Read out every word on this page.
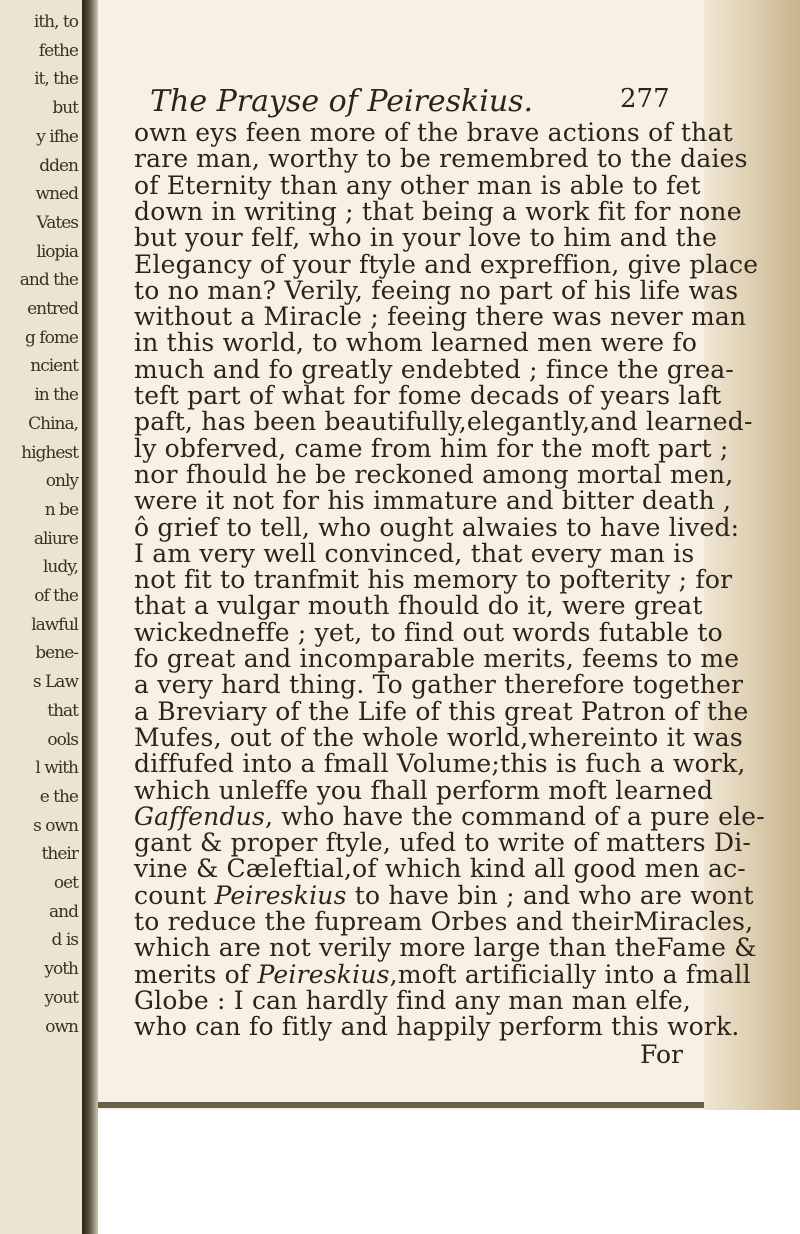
ith, to
fethe
it, the
but
y ifhe
dden
wned
Vates
liopia
and the
entred
g fome
ncient
in the
China,
highest
only
n be
aliure
ludy,
of the
lawful
bene-
s Law
that
ools
l with
e the
s own
their
oet
and
d is
yoth
yout
own
The Prayse of Peireskius.	277
own eys feen more of the brave actions of that
rare man, worthy to be remembred to the daies
of Eternity than any other man is able to fet
down in writing ; that being a work fit for none
but your felf, who in your love to him and the
Elegancy of your ftyle and expreffion, give place
to no man? Verily, feeing no part of his life was
without a Miracle ; feeing there was never man
in this world, to whom learned men were fo
much and fo greatly endebted ; fince the grea-
teft part of what for fome decads of years laft
paft, has been beautifully,elegantly,and learned-
ly obferved, came from him for the moft part ;
nor fhould he be reckoned among mortal men,
were it not for his immature and bitter death ,
ô grief to tell, who ought alwaies to have lived:
I am very well convinced, that every man is
not fit to tranfmit his memory to pofterity ; for
that a vulgar mouth fhould do it, were great
wickedneffe ; yet, to find out words futable to
fo great and incomparable merits, feems to me
a very hard thing. To gather therefore together
a Breviary of the Life of this great Patron of the
Mufes, out of the whole world,whereinto it was
diffufed into a fmall Volume;this is fuch a work,
which unleffe you fhall perform moft learned
Gaffendus, who have the command of a pure ele-
gant & proper ftyle, ufed to write of matters Di-
vine & Cæleftial,of which kind all good men ac-
count Peireskius to have bin ; and who are wont
to reduce the fupream Orbes and theirMiracles,
which are not verily more large than theFame &
merits of Peireskius,moft artificially into a fmall
Globe : I can hardly find any man man elfe,
who can fo fitly and happily perform this work.
For
